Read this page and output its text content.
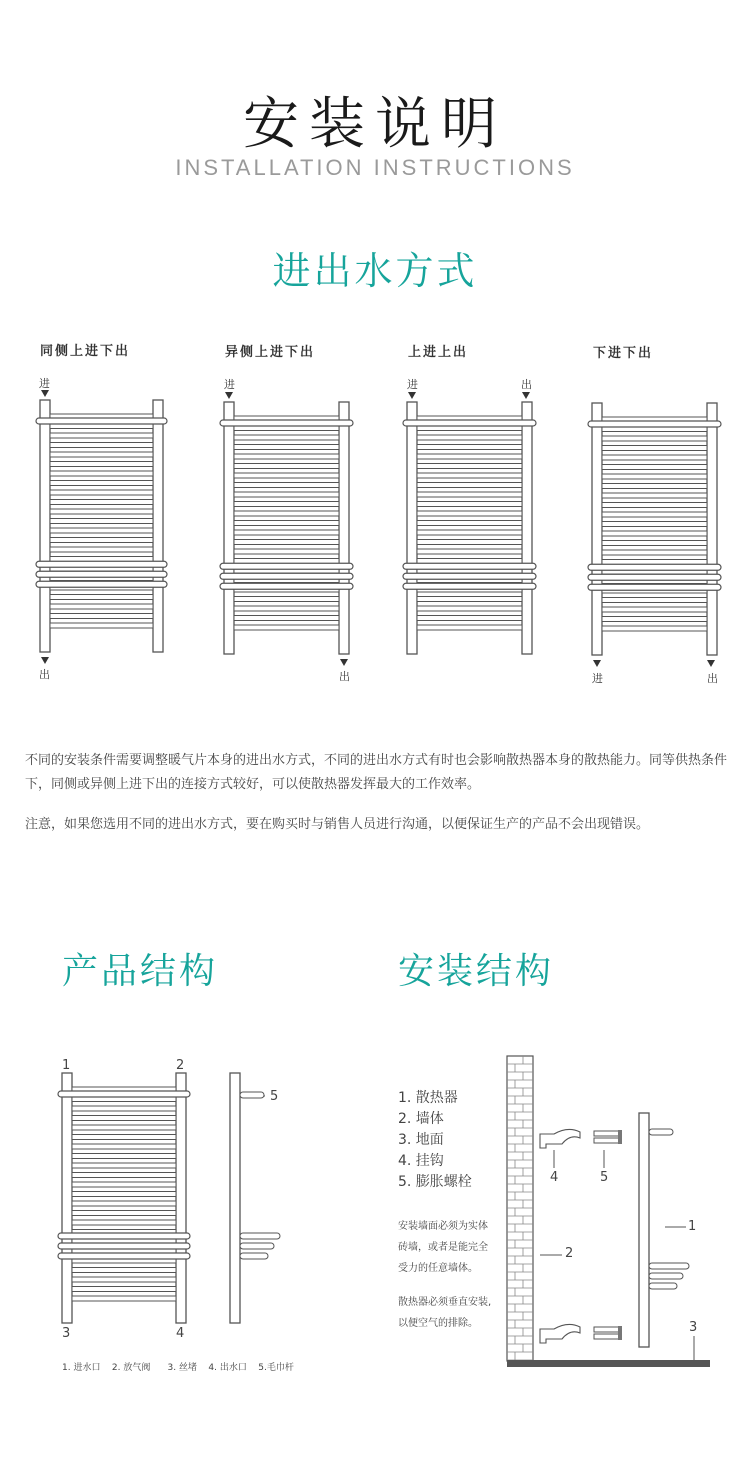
安装说明
INSTALLATION INSTRUCTIONS
进出水方式
同侧上进下出	异侧上进下出	上进上出	下进下出
进
出
进
出
进	出
进	出
不同的安装条件需要调整暖气片本身的进出水方式，不同的进出水方式有时也会影响散热器本身的散热能力。同等供热条件下，同侧或异侧上进下出的连接方式较好，可以使散热器发挥最大的工作效率。
注意，如果您选用不同的进出水方式，要在购买时与销售人员进行沟通，以便保证生产的产品不会出现错误。
产品结构	安装结构
1	2
3	4
5
1. 进水口    2. 放气阀      3. 丝堵    4. 出水口    5.毛巾杆
1. 散热器
2. 墙体
3. 地面
4. 挂钩
5. 膨胀螺栓
安装墙面必须为实体
砖墙，或者是能完全
受力的任意墙体。
散热器必须垂直安装,
以便空气的排除。
1
2
3
4	5
